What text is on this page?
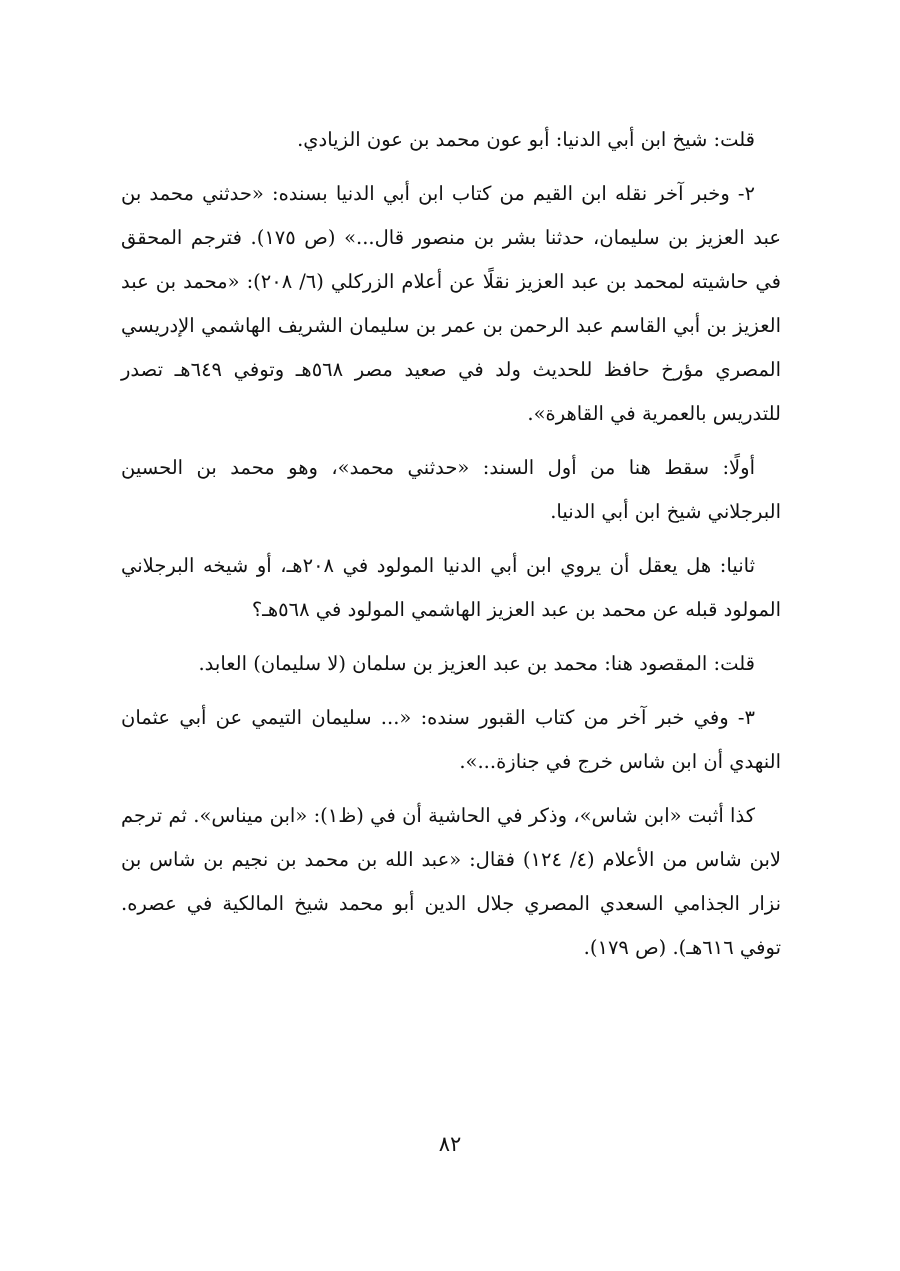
قلت: شيخ ابن أبي الدنيا: أبو عون محمد بن عون الزيادي.

٢- وخبر آخر نقله ابن القيم من كتاب ابن أبي الدنيا بسنده: «حدثني محمد بن عبد العزيز بن سليمان، حدثنا بشر بن منصور قال...» (ص ١٧٥). فترجم المحقق في حاشيته لمحمد بن عبد العزيز نقلًا عن أعلام الزركلي (٦/ ٢٠٨): «محمد بن عبد العزيز بن أبي القاسم عبد الرحمن بن عمر بن سليمان الشريف الهاشمي الإدريسي المصري مؤرخ حافظ للحديث ولد في صعيد مصر ٥٦٨هـ وتوفي ٦٤٩هـ تصدر للتدريس بالعمرية في القاهرة».

أولًا: سقط هنا من أول السند: «حدثني محمد»، وهو محمد بن الحسين البرجلاني شيخ ابن أبي الدنيا.

ثانيا: هل يعقل أن يروي ابن أبي الدنيا المولود في ٢٠٨هـ، أو شيخه البرجلاني المولود قبله عن محمد بن عبد العزيز الهاشمي المولود في ٥٦٨هـ؟

قلت: المقصود هنا: محمد بن عبد العزيز بن سلمان (لا سليمان) العابد.

٣- وفي خبر آخر من كتاب القبور سنده: «... سليمان التيمي عن أبي عثمان النهدي أن ابن شاس خرج في جنازة...».

كذا أثبت «ابن شاس»، وذكر في الحاشية أن في (ظ١): «ابن ميناس». ثم ترجم لابن شاس من الأعلام (٤/ ١٢٤) فقال: «عبد الله بن محمد بن نجيم بن شاس بن نزار الجذامي السعدي المصري جلال الدين أبو محمد شيخ المالكية في عصره. توفي ٦١٦هـ). (ص ١٧٩).

٨٢
